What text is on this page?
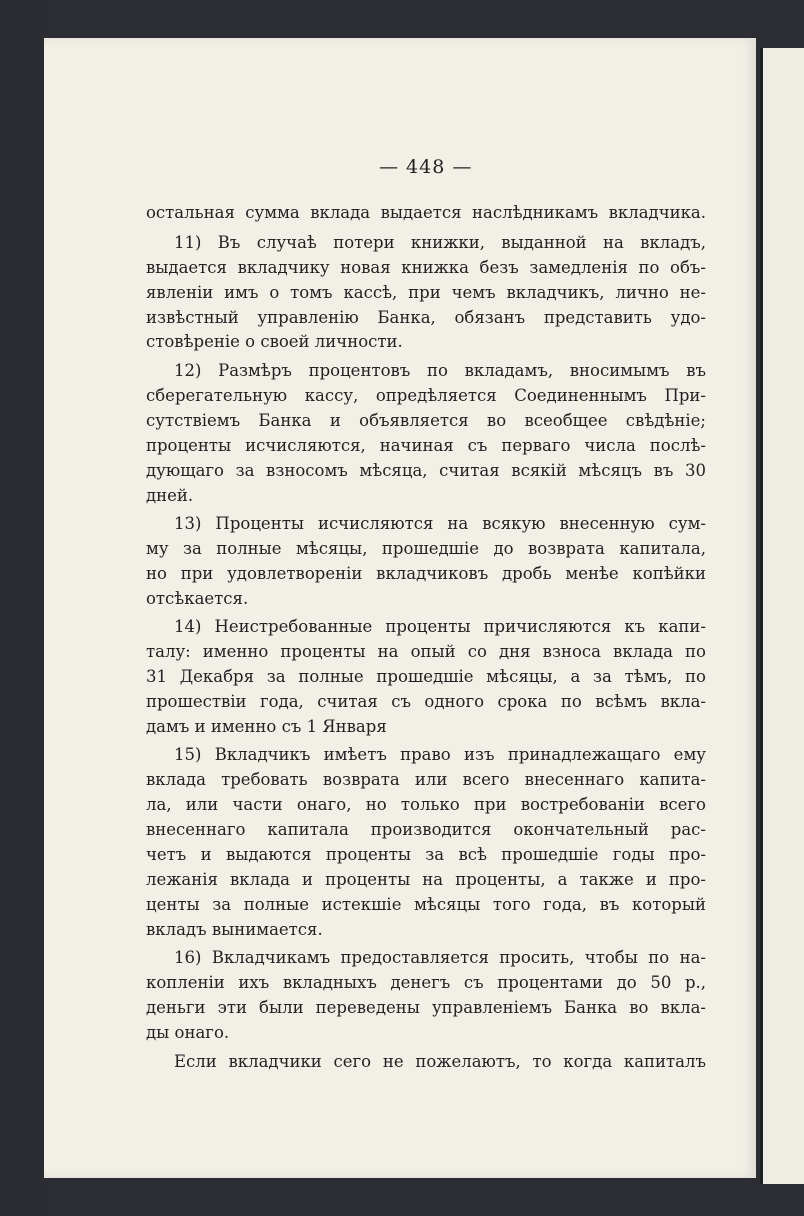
— 448 —
остальная сумма вклада выдается наслѣдникамъ вкладчика.
11) Въ случаѣ потери книжки, выданной на вкладъ,
выдается вкладчику новая книжка безъ замедленія по объ-
явленіи имъ о томъ кассѣ, при чемъ вкладчикъ, лично не-
извѣстный управленію Банка, обязанъ представить удо-
стовѣреніе о своей личности.
12) Размѣръ процентовъ по вкладамъ, вносимымъ въ
сберегательную кассу, опредѣляется Соединеннымъ При-
сутствіемъ Банка и объявляется во всеобщее свѣдѣніе;
проценты исчисляются, начиная съ перваго числа послѣ-
дующаго за взносомъ мѣсяца, считая всякій мѣсяцъ въ 30
дней.
13) Проценты исчисляются на всякую внесенную сум-
му за полные мѣсяцы, прошедшіе до возврата капитала,
но при удовлетвореніи вкладчиковъ дробь менѣе копѣйки
отсѣкается.
14) Неистребованные проценты причисляются къ капи-
талу: именно проценты на опый со дня взноса вклада по
31 Декабря за полные прошедшіе мѣсяцы, а за тѣмъ, по
прошествіи года, считая съ одного срока по всѣмъ вкла-
дамъ и именно съ 1 Января
15) Вкладчикъ имѣетъ право изъ принадлежащаго ему
вклада требовать возврата или всего внесеннаго капита-
ла, или части онаго, но только при востребованіи всего
внесеннаго капитала производится окончательный рас-
четъ и выдаются проценты за всѣ прошедшіе годы про-
лежанія вклада и проценты на проценты, а также и про-
центы за полные истекшіе мѣсяцы того года, въ который
вкладъ вынимается.
16) Вкладчикамъ предоставляется просить, чтобы по на-
копленіи ихъ вкладныхъ денегъ съ процентами до 50 р.,
деньги эти были переведены управленіемъ Банка во вкла-
ды онаго.
Если вкладчики сего не пожелаютъ, то когда капиталъ
